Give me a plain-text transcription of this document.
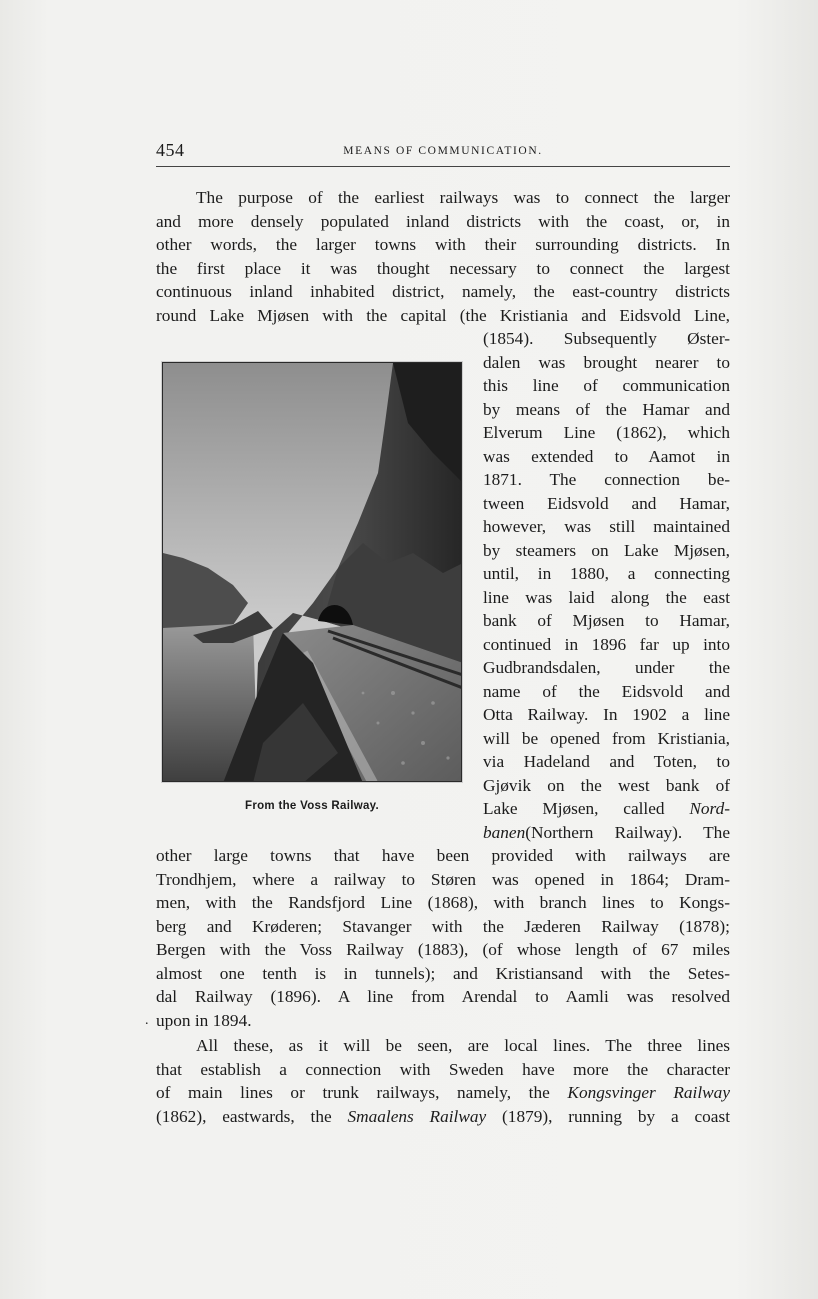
454	MEANS OF COMMUNICATION.
The purpose of the earliest railways was to connect the larger
and more densely populated inland districts with the coast, or, in
other words, the larger towns with their surrounding districts. In
the first place it was thought necessary to connect the largest
continuous inland inhabited district, namely, the east-country districts
round Lake Mjøsen with the capital (the Kristiania and Eidsvold Line,
From the Voss Railway.
(1854). Subsequently Øster-
dalen was brought nearer to
this line of communication
by means of the Hamar and
Elverum Line (1862), which
was extended to Aamot in
1871. The connection be-
tween Eidsvold and Hamar,
however, was still maintained
by steamers on Lake Mjøsen,
until, in 1880, a connecting
line was laid along the east
bank of Mjøsen to Hamar,
continued in 1896 far up into
Gudbrandsdalen, under the
name of the Eidsvold and
Otta Railway. In 1902 a line
will be opened from Kristiania,
via Hadeland and Toten, to
Gjøvik on the west bank of
Lake Mjøsen, called Nord-
banen(Northern Railway). The
other large towns that have been provided with railways are
Trondhjem, where a railway to Støren was opened in 1864; Dram-
men, with the Randsfjord Line (1868), with branch lines to Kongs-
berg and Krøderen; Stavanger with the Jæderen Railway (1878);
Bergen with the Voss Railway (1883), (of whose length of 67 miles
almost one tenth is in tunnels); and Kristiansand with the Setes-
dal Railway (1896). A line from Arendal to Aamli was resolved
. upon in 1894.
All these, as it will be seen, are local lines. The three lines
that establish a connection with Sweden have more the character
of main lines or trunk railways, namely, the Kongsvinger Railway
(1862), eastwards, the Smaalens Railway (1879), running by a coast
